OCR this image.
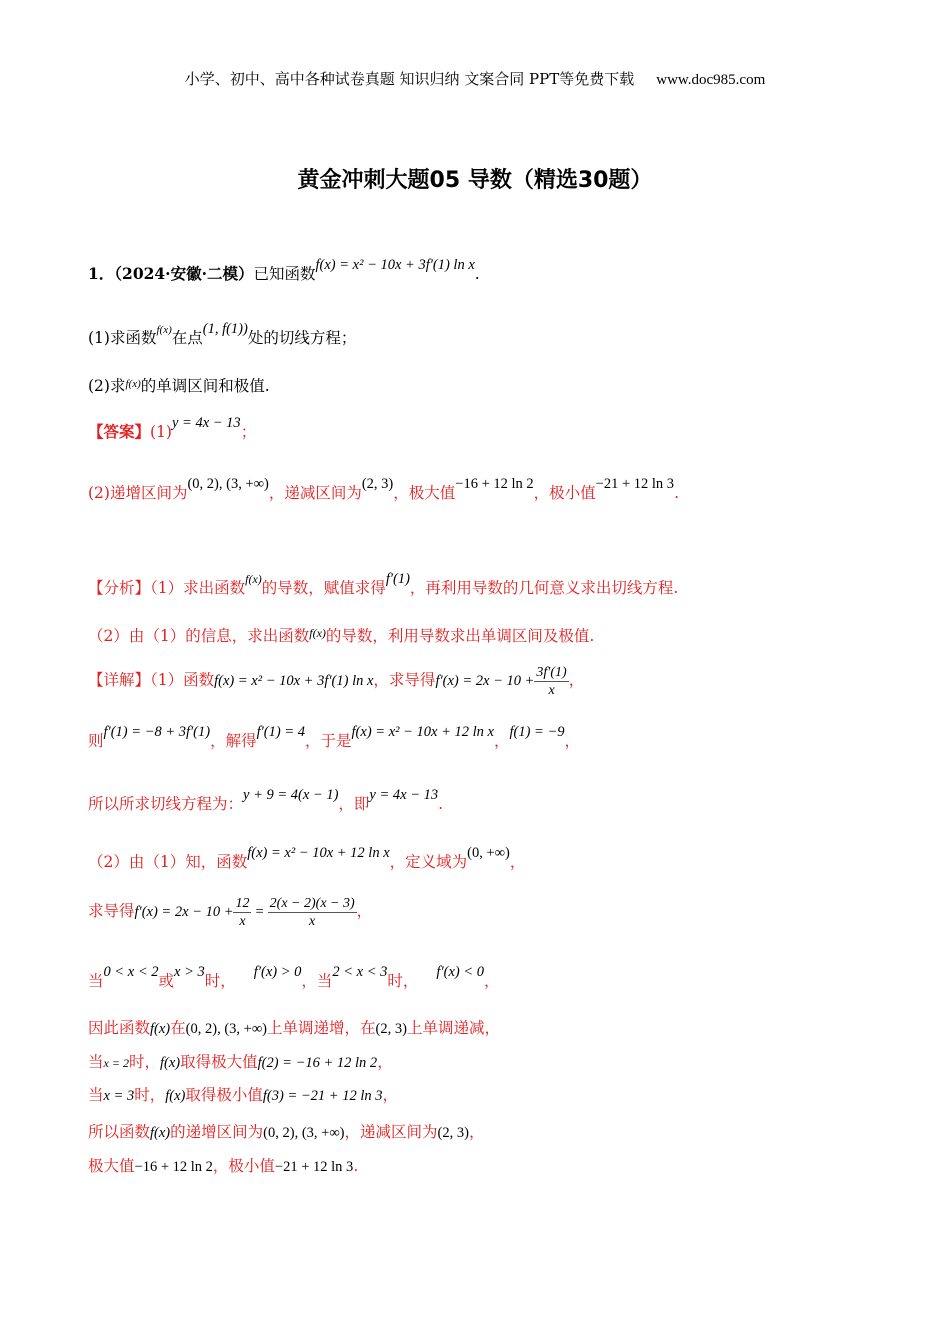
小学、初中、高中各种试卷真题 知识归纳 文案合同 PPT等免费下载 www.doc985.com
黄金冲刺大题05 导数（精选30题）
1．（2024·安徽·二模）已知函数f(x) = x² − 10x + 3f′(1) ln x.
(1)求函数$^{f(x)}$在点(1, f(1))处的切线方程；
(2)求$^{f(x)}$的单调区间和极值.
【答案】(1)y = 4x − 13；
(2)递增区间为(0, 2), (3, +∞)，递减区间为(2, 3)，极大值−16 + 12 ln 2，极小值−21 + 12 ln 3.
【分析】（1）求出函数$^{f(x)}$的导数，赋值求得f′(1)，再利用导数的几何意义求出切线方程.
（2）由（1）的信息，求出函数$^{f(x)}$的导数，利用导数求出单调区间及极值.
【详解】（1）函数f(x) = x² − 10x + 3f′(1) ln x，求导得$f'(x) = 2x - 10 + \frac{3f'(1)}{x}$ ，
则f′(1) = −8 + 3f′(1)，解得f′(1) = 4，于是f(x) = x² − 10x + 12 ln x，f(1) = −9，
所以所求切线方程为：y + 9 = 4(x − 1)，即y = 4x − 13.
（2）由（1）知，函数f(x) = x² − 10x + 12 ln x，定义域为(0, +∞)，
求导得$f'(x) = 2x - 10 + \frac{12}{x} = \frac{2(x - 2)(x - 3)}{x}$ ，
当0 < x < 2或x > 3时， f′(x) > 0，当2 < x < 3时， f′(x) < 0，
因此函数f(x)在(0, 2), (3, +∞)上单调递增，在(2, 3)上单调递减，
当x = 2时，f(x)取得极大值f(2) = −16 + 12 ln 2，
当x = 3时，f(x)取得极小值f(3) = −21 + 12 ln 3，
所以函数f(x)的递增区间为(0, 2), (3, +∞)，递减区间为(2, 3)，
极大值−16 + 12 ln 2，极小值−21 + 12 ln 3.
